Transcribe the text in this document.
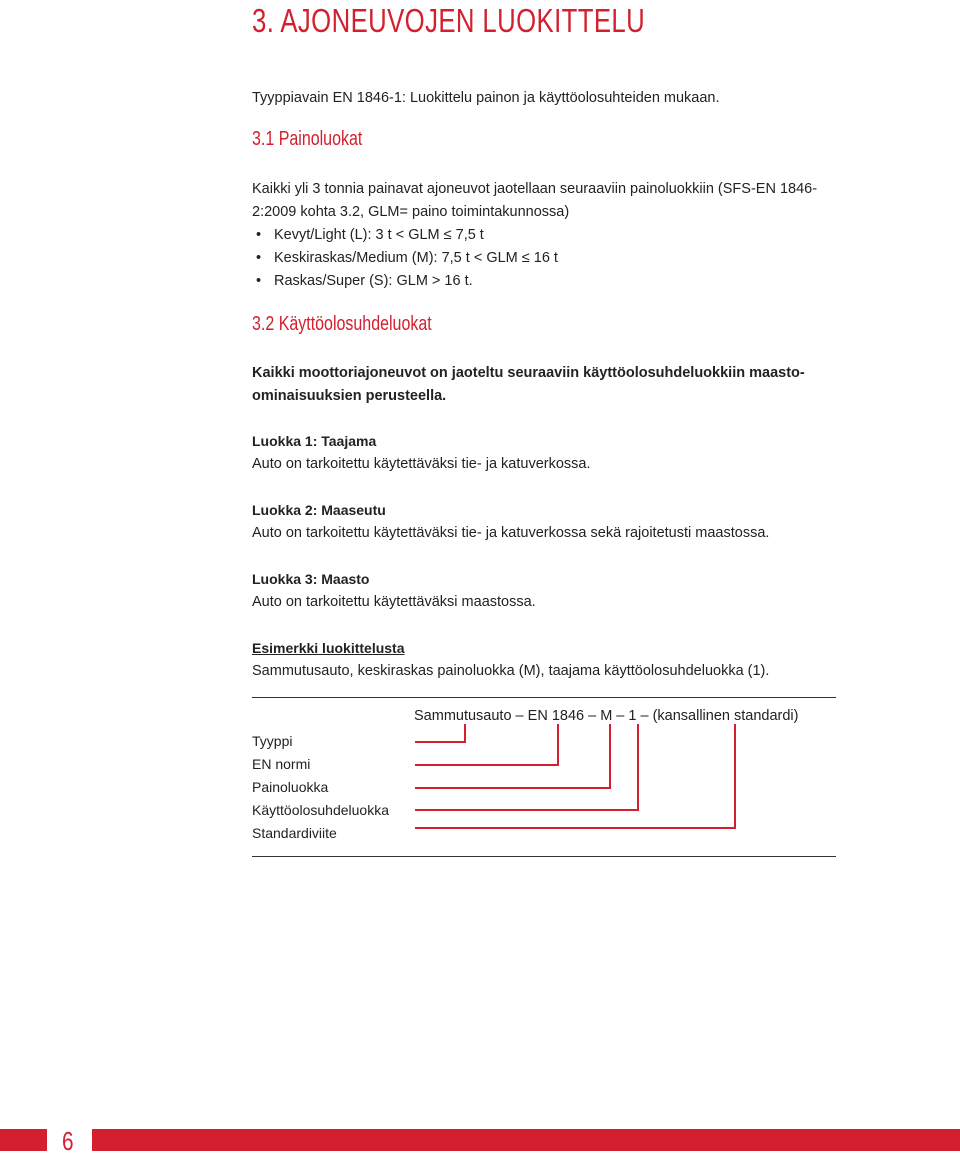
3. AJONEUVOJEN LUOKITTELU

Tyyppiavain EN 1846-1: Luokittelu painon ja käyttöolosuhteiden mukaan.

3.1 Painoluokat

Kaikki yli 3 tonnia painavat ajoneuvot jaotellaan seuraaviin painoluokkiin (SFS-EN 1846-

2:2009 kohta 3.2, GLM= paino toimintakunnossa)

• Kevyt/Light (L): 3 t < GLM ≤ 7,5 t
• Keskiraskas/Medium (M): 7,5 t < GLM ≤ 16 t
• Raskas/Super (S): GLM > 16 t.
3.2 Käyttöolosuhdeluokat

Kaikki moottoriajoneuvot on jaoteltu seuraaviin käyttöolosuhdeluokkiin maasto-

ominaisuuksien perusteella.

Luokka 1: Taajama

Auto on tarkoitettu käytettäväksi tie- ja katuverkossa.

Luokka 2: Maaseutu

Auto on tarkoitettu käytettäväksi tie- ja katuverkossa sekä rajoitetusti maastossa.

Luokka 3: Maasto

Auto on tarkoitettu käytettäväksi maastossa.

Esimerkki luokittelusta

Sammutusauto, keskiraskas painoluokka (M), taajama käyttöolosuhdeluokka (1).

Sammutusauto – EN 1846 – M – 1 – (kansallinen standardi)
Tyyppi
EN normi
Painoluokka
Käyttöolosuhdeluokka
Standardiviite
6
